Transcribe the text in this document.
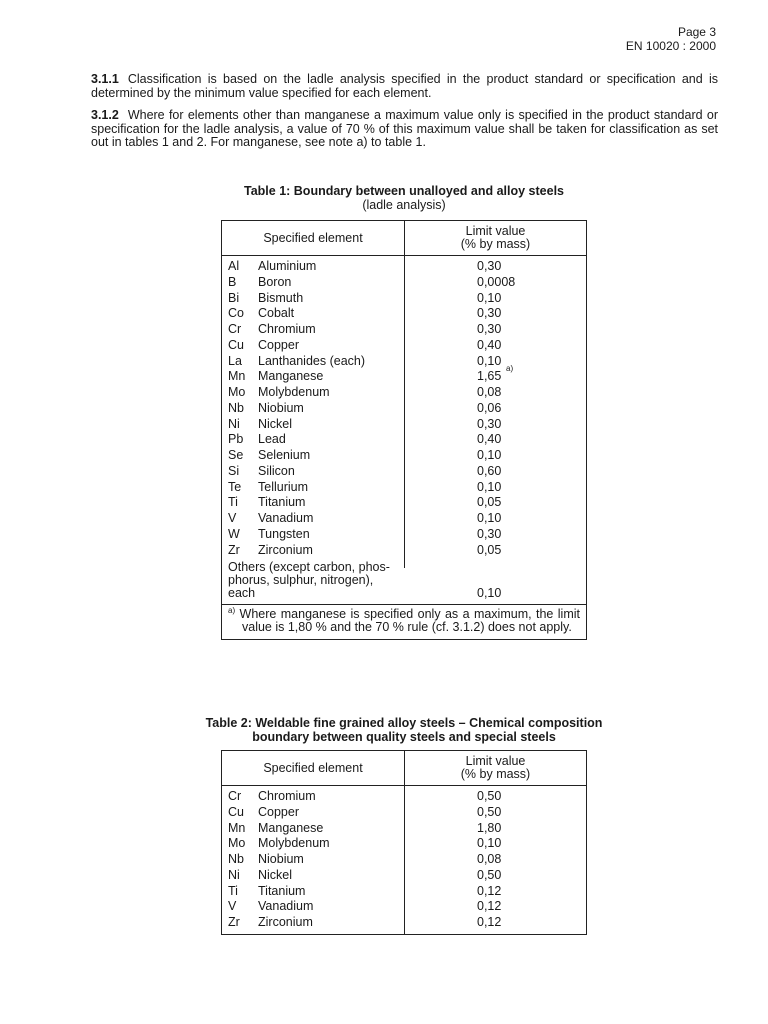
Page 3
EN 10020 : 2000
3.1.1 Classification is based on the ladle analysis specified in the product standard or specification and is determined by the minimum value specified for each element.
3.1.2 Where for elements other than manganese a maximum value only is specified in the product standard or specification for the ladle analysis, a value of 70 % of this maximum value shall be taken for classification as set out in tables 1 and 2. For manganese, see note a) to table 1.
Table 1: Boundary between unalloyed and alloy steels
(ladle analysis)
Specified element	Limit value
(% by mass)

Al Aluminium	0,30
B Boron	0,0008
Bi Bismuth	0,10
Co Cobalt	0,30
Cr Chromium	0,30
Cu Copper	0,40
La Lanthanides (each)	0,10
Mn Manganese	1,65
a)
Mo Molybdenum	0,08
Nb Niobium	0,06
Ni Nickel	0,30
Pb Lead	0,40
Se Selenium	0,10
Si Silicon	0,60
Te Tellurium	0,10
Ti Titanium	0,05
V Vanadium	0,10
W Tungsten	0,30
Zr Zirconium	0,05
Others (except carbon, phos-
phorus, sulphur, nitrogen),
each	0,10
$^{a)}$ Where manganese is specified only as a maximum, the limit value is 1,80 % and the 70 % rule (cf. 3.1.2) does not apply.
Table 2: Weldable fine grained alloy steels – Chemical composition
boundary between quality steels and special steels
Specified element	Limit value
(% by mass)

Cr Chromium	0,50
Cu Copper	0,50
Mn Manganese	1,80
Mo Molybdenum	0,10
Nb Niobium	0,08
Ni Nickel	0,50
Ti Titanium	0,12
V Vanadium	0,12
Zr Zirconium	0,12
